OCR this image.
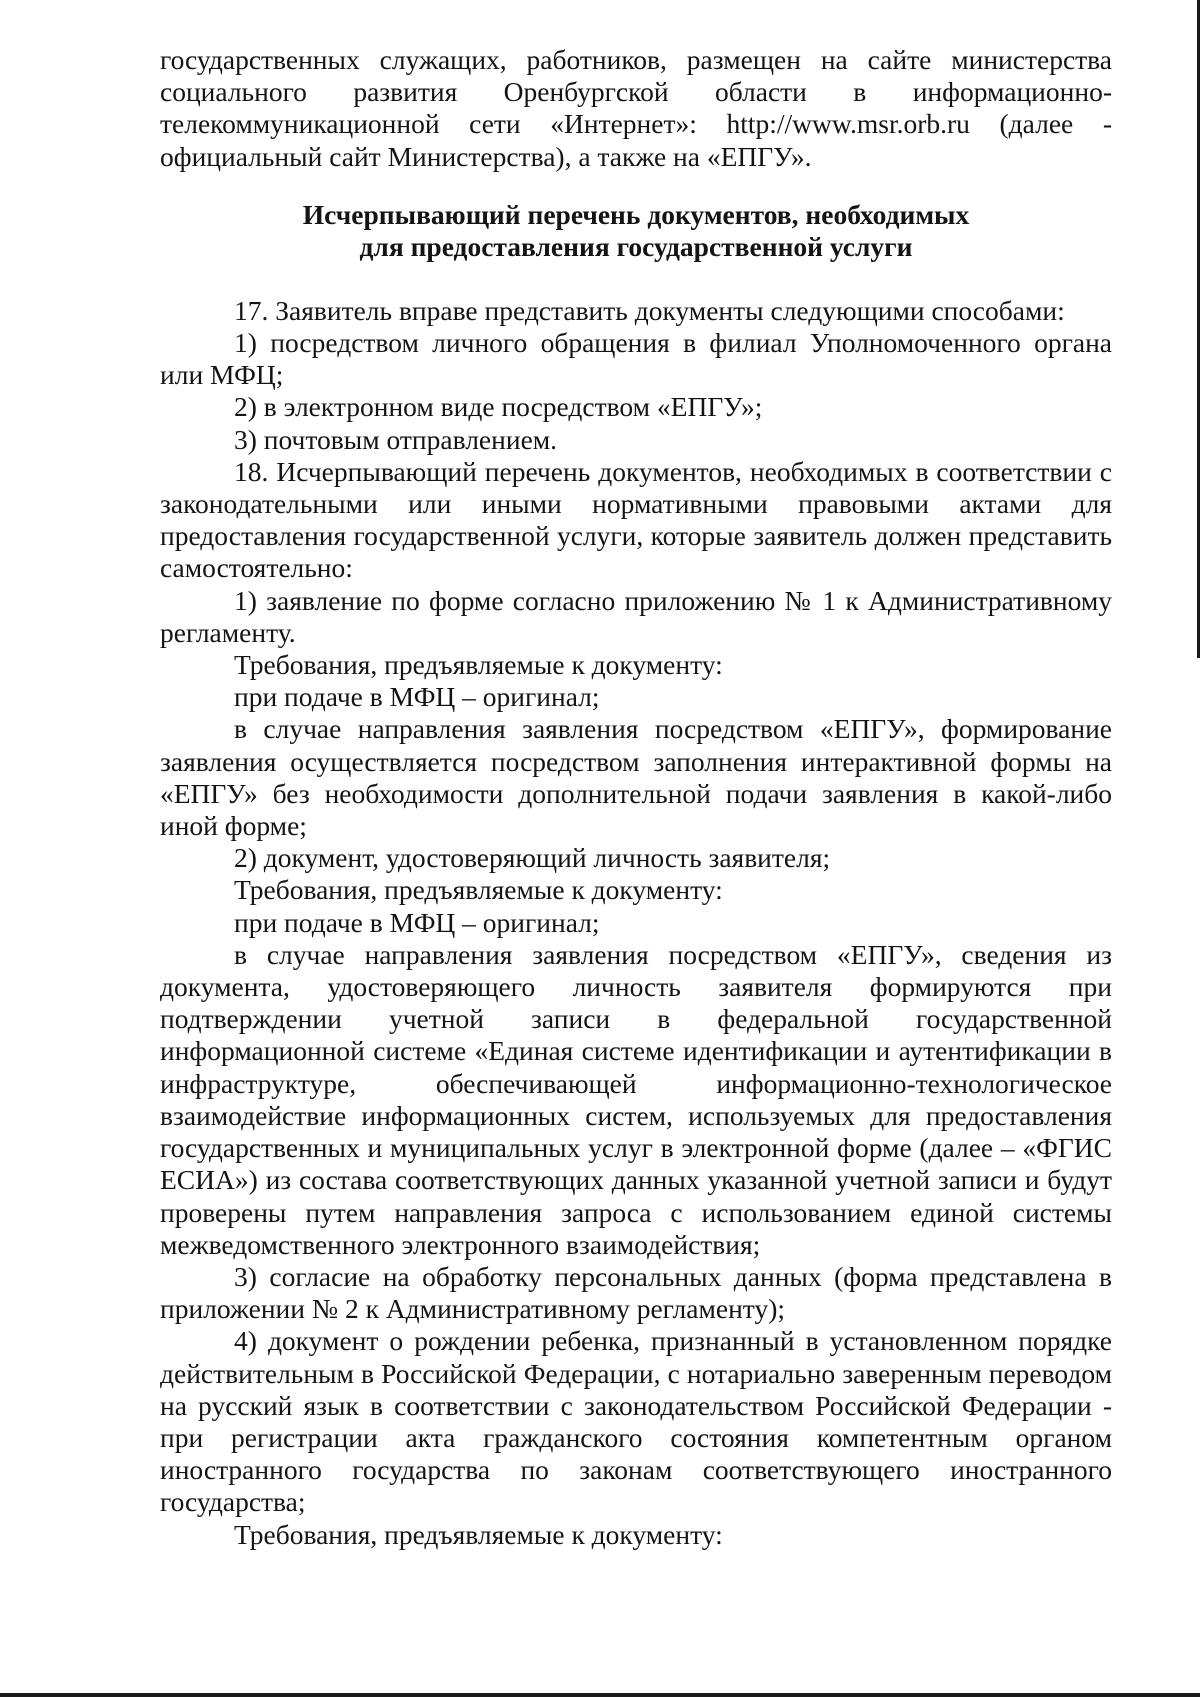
государственных служащих, работников, размещен на сайте министерства социального развития Оренбургской области в информационно-телекоммуникационной сети «Интернет»: http://www.msr.orb.ru (далее - официальный сайт Министерства), а также на «ЕПГУ».

Исчерпывающий перечень документов, необходимых
для предоставления государственной услуги

17. Заявитель вправе представить документы следующими способами:

1) посредством личного обращения в филиал Уполномоченного органа или МФЦ;

2) в электронном виде посредством «ЕПГУ»;

3) почтовым отправлением.

18. Исчерпывающий перечень документов, необходимых в соответствии с законодательными или иными нормативными правовыми актами для предоставления государственной услуги, которые заявитель должен представить самостоятельно:

1) заявление по форме согласно приложению № 1 к Административному регламенту.

Требования, предъявляемые к документу:

при подаче в МФЦ – оригинал;

в случае направления заявления посредством «ЕПГУ», формирование заявления осуществляется посредством заполнения интерактивной формы на «ЕПГУ» без необходимости дополнительной подачи заявления в какой-либо иной форме;

2) документ, удостоверяющий личность заявителя;

Требования, предъявляемые к документу:

при подаче в МФЦ – оригинал;

в случае направления заявления посредством «ЕПГУ», сведения из документа, удостоверяющего личность заявителя формируются при подтверждении учетной записи в федеральной государственной информационной системе «Единая системе идентификации и аутентификации в инфраструктуре, обеспечивающей информационно-технологическое взаимодействие информационных систем, используемых для предоставления государственных и муниципальных услуг в электронной форме (далее – «ФГИС ЕСИА») из состава соответствующих данных указанной учетной записи и будут проверены путем направления запроса с использованием единой системы межведомственного электронного взаимодействия;

3) согласие на обработку персональных данных (форма представлена в приложении № 2 к Административному регламенту);

4) документ о рождении ребенка, признанный в установленном порядке действительным в Российской Федерации, с нотариально заверенным переводом на русский язык в соответствии с законодательством Российской Федерации - при регистрации акта гражданского состояния компетентным органом иностранного государства по законам соответствующего иностранного государства;

Требования, предъявляемые к документу:
